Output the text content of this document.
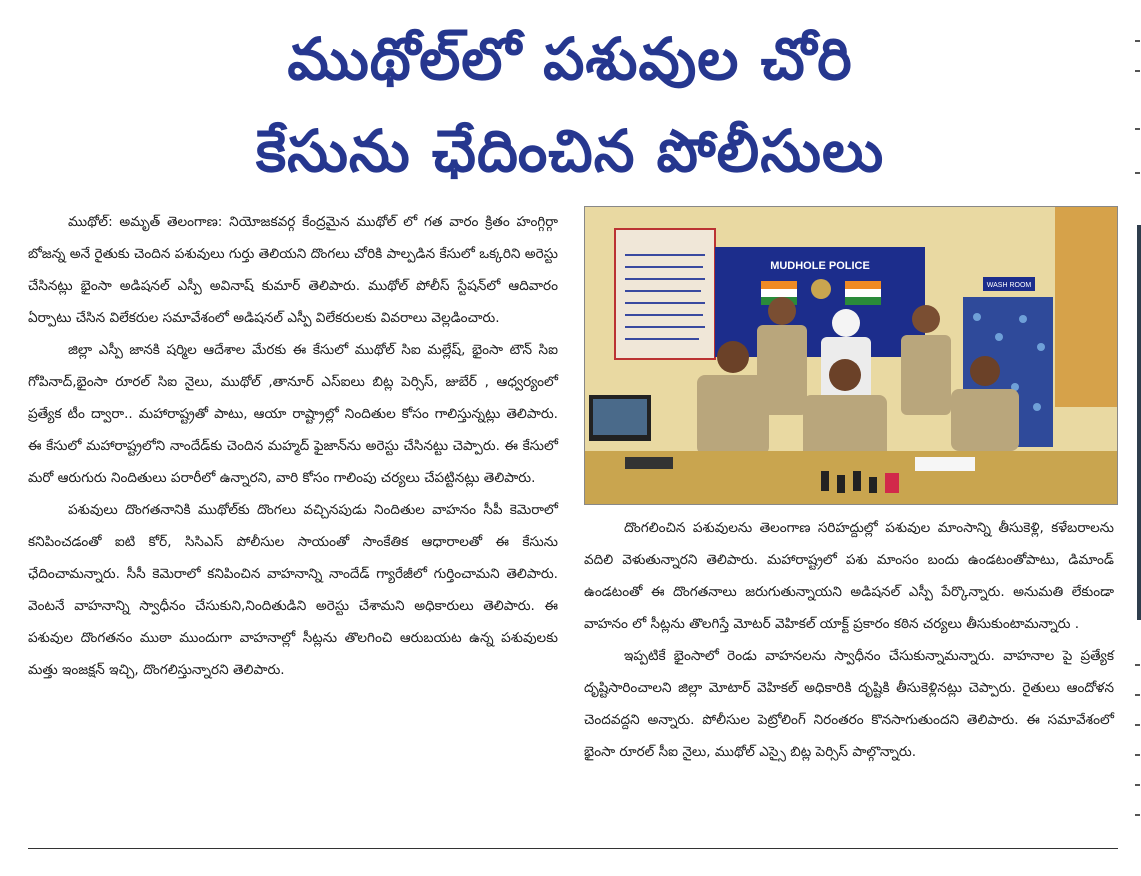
ముథోల్‌లో పశువుల చోరి
కేసును ఛేదించిన పోలీసులు

ముథోల్‌: అమృత్‌ తెలంగాణ: నియోజకవర్గ కేంద్రమైన ముథోల్‌ లో గత వారం క్రితం హంగ్గిర్గా బోజన్న అనే రైతుకు చెందిన పశువులు గుర్తు తెలియని దొంగలు చోరికి పాల్పడిన కేసులో ఒక్కరిని అరెస్టు చేసినట్లు భైంసా అడిషనల్‌ ఎస్పీ అవినాష్‌ కుమార్‌ తెలిపారు. ముథోల్‌ పోలీస్‌ స్టేషన్‌లో ఆదివారం ఏర్పాటు చేసిన విలేకరుల సమావేశంలో అడిషనల్‌ ఎస్పీ విలేకరులకు వివరాలు వెల్లడించారు.

జిల్లా ఎస్పీ జానకి షర్మిల ఆదేశాల మేరకు ఈ కేసులో ముథోల్‌ సిఐ మల్లేష్‌, భైంసా టౌన్‌ సిఐ గోపినాద్‌,భైంసా రూరల్‌ సిఐ నైలు, ముథోల్‌ ,తానూర్‌ ఎస్‌ఐలు బిట్ల పెర్సిస్‌, జుబేర్‌ , ఆధ్వర్యంలో ప్రత్యేక టీం ద్వారా.. మహారాష్ట్రతో పాటు, ఆయా రాష్ట్రాల్లో నిందితుల కోసం గాలిస్తున్నట్లు తెలిపారు. ఈ కేసులో మహారాష్ట్రలోని నాందేడ్‌కు చెందిన మహ్మద్‌ ఫైజాన్‌ను అరెస్టు చేసినట్టు చెప్పారు. ఈ కేసులో మరో ఆరుగురు నిందితులు పరారీలో ఉన్నారని, వారి కోసం గాలింపు చర్యలు చేపట్టినట్లు తెలిపారు.

పశువులు దొంగతనానికి ముథోల్‌కు దొంగలు వచ్చినపుడు నిందితుల వాహనం సీపీ కెమెరాలో కనిపించడంతో ఐటి కోర్‌, సిసిఎస్‌ పోలీసుల సాయంతో సాంకేతిక ఆధారాలతో ఈ కేసును ఛేదించామన్నారు. సీసీ కెమెరాలో కనిపించిన వాహనాన్ని నాందేడ్‌ గ్యారేజీలో గుర్తించామని తెలిపారు. వెంటనే వాహనాన్ని స్వాధీనం చేసుకుని,నిందితుడిని అరెస్టు చేశామని అధికారులు తెలిపారు. ఈ పశువుల దొంగతనం ముఠా ముందుగా వాహనాల్లో సీట్లను తొలగించి ఆరుబయట ఉన్న పశువులకు మత్తు ఇంజక్షన్‌ ఇచ్చి, దొంగలిస్తున్నారని తెలిపారు.

MUDHOLE POLICE
WASH ROOM

దొంగలించిన పశువులను తెలంగాణ సరిహద్దుల్లో పశువుల మాంసాన్ని తీసుకెళ్లి, కళేబరాలను వదిలి వెళుతున్నారని తెలిపారు. మహారాష్ట్రలో పశు మాంసం బందు ఉండటంతోపాటు, డిమాండ్‌ ఉండటంతో ఈ దొంగతనాలు జరుగుతున్నాయని అడిషనల్‌ ఎస్పీ పేర్కొన్నారు. అనుమతి లేకుండా వాహనం లో సీట్లను తొలగిస్తే మోటర్‌ వెహికల్‌ యాక్ట్‌ ప్రకారం కఠిన చర్యలు తీసుకుంటామన్నారు .

ఇప్పటికే భైంసాలో రెండు వాహనలను స్వాధీనం చేసుకున్నామన్నారు. వాహనాల పై ప్రత్యేక దృష్టిసారించాలని జిల్లా మోటార్‌ వెహికల్‌ అధికారికి దృష్టికి తీసుకెళ్లినట్లు చెప్పారు. రైతులు ఆందోళన చెందవద్దని అన్నారు. పోలీసుల పెట్రోలింగ్‌ నిరంతరం కొనసాగుతుందని తెలిపారు. ఈ సమావేశంలో భైంసా రూరల్‌ సీఐ నైలు, ముథోల్‌ ఎస్సై బిట్ల పెర్సిస్‌ పాల్గొన్నారు.
